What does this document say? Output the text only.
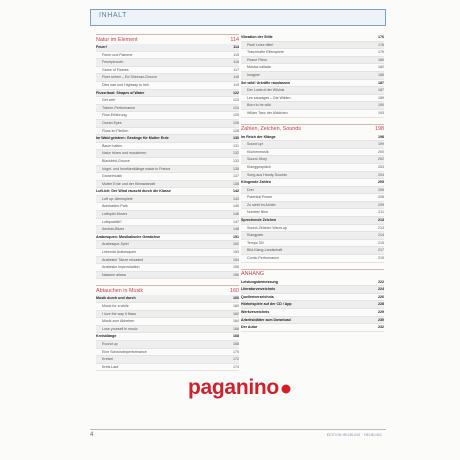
INHALT
Natur im Element	114
Feuer!	114
Feuer und Flamme	115
Feuerpiroueh	116
Game of Flames	117
Fluer sehen – Ed Sheeran-Groove	118
Dies irae und Highway to hell	119
Flussritual: Shapes of Water	122
Get wet!	123
Tränen-Performance	124
Flow-Erfahrung	125
Ocean Eyes	126
Fluss im Fließen	128
Im Wald geistern: Gesänge für Mutter Erde	130
Baum halten	131
Natur hören und musizieren	132
Blackbird-Groove	133
Vogel- und Insektenklänge made in France	135
Gruselmusik	137
Mutter Erde und der Klimawandel	138
Luft-ich: Der Wind rauscht durch die Klasse	142
Luft up: Atemspiele	143
Äolsharfen-Park	145
Luftspiel-Moves	146
Luftqualität?	147
Aeolian-Blues	148
Arabesquen: Musikalische Gewächse	151
Arabesque-Spiel	152
Lebende Arabesquen	153
Arabeske Tänze reloaded	154
Arabeske Improvisation	155
Nassem aliana	156
Abtauchen in Musik	160
Musik durch und durch	160
Music for a while	160
I love the way it flows	162
Musik zum Abheben	164
Lose yourself in music	166
Kreisklänge	168
Round up	168
Eine Schwindelperformance	170
Kreisel	172
Kreis-Lauf	174
Vibration der Stille	176
Psst! Leise bitte!	176
Traumhafte Elfenspiele	179
Peace Piece	180
Música callada	182
Imagine	185
Sei wild! Urkräfte rauslassen	187
Der Lockruf der Wildnis	187
Les sauvages – Die Wilden	189
Born to be wild	190
Wilder Tanz der Mädchen	193
Zahlen, Zeichen, Sounds	198
Im Reich der Klänge	198
Sound up!	199
Küchenmusik	200
Sound-Story	202
Klanggespräch	203
Song aus Handy-Sounds	204
Klingende Zahlen	205
Drei	205
Potential Power	208
Zu siebt im Achtel	209
Number Nine	211
Sprechende Zeichen	213
Sound-Zeichen Warm-up	213
Klangpark	214
Tempo 30!	215
Bild-Klang-Landschaft	217
Comic-Performance	219
ANHANG
Leistungsbemessung	222
Literaturverzeichnis	224
Quellenverzeichnis	226
Hörbeispiele auf der CD / App	228
Werkverzeichnis	229
Arbeitsblätter zum Download	230
Der Autor	232
paganino
4	EDITION HELBLING · HELBLING
